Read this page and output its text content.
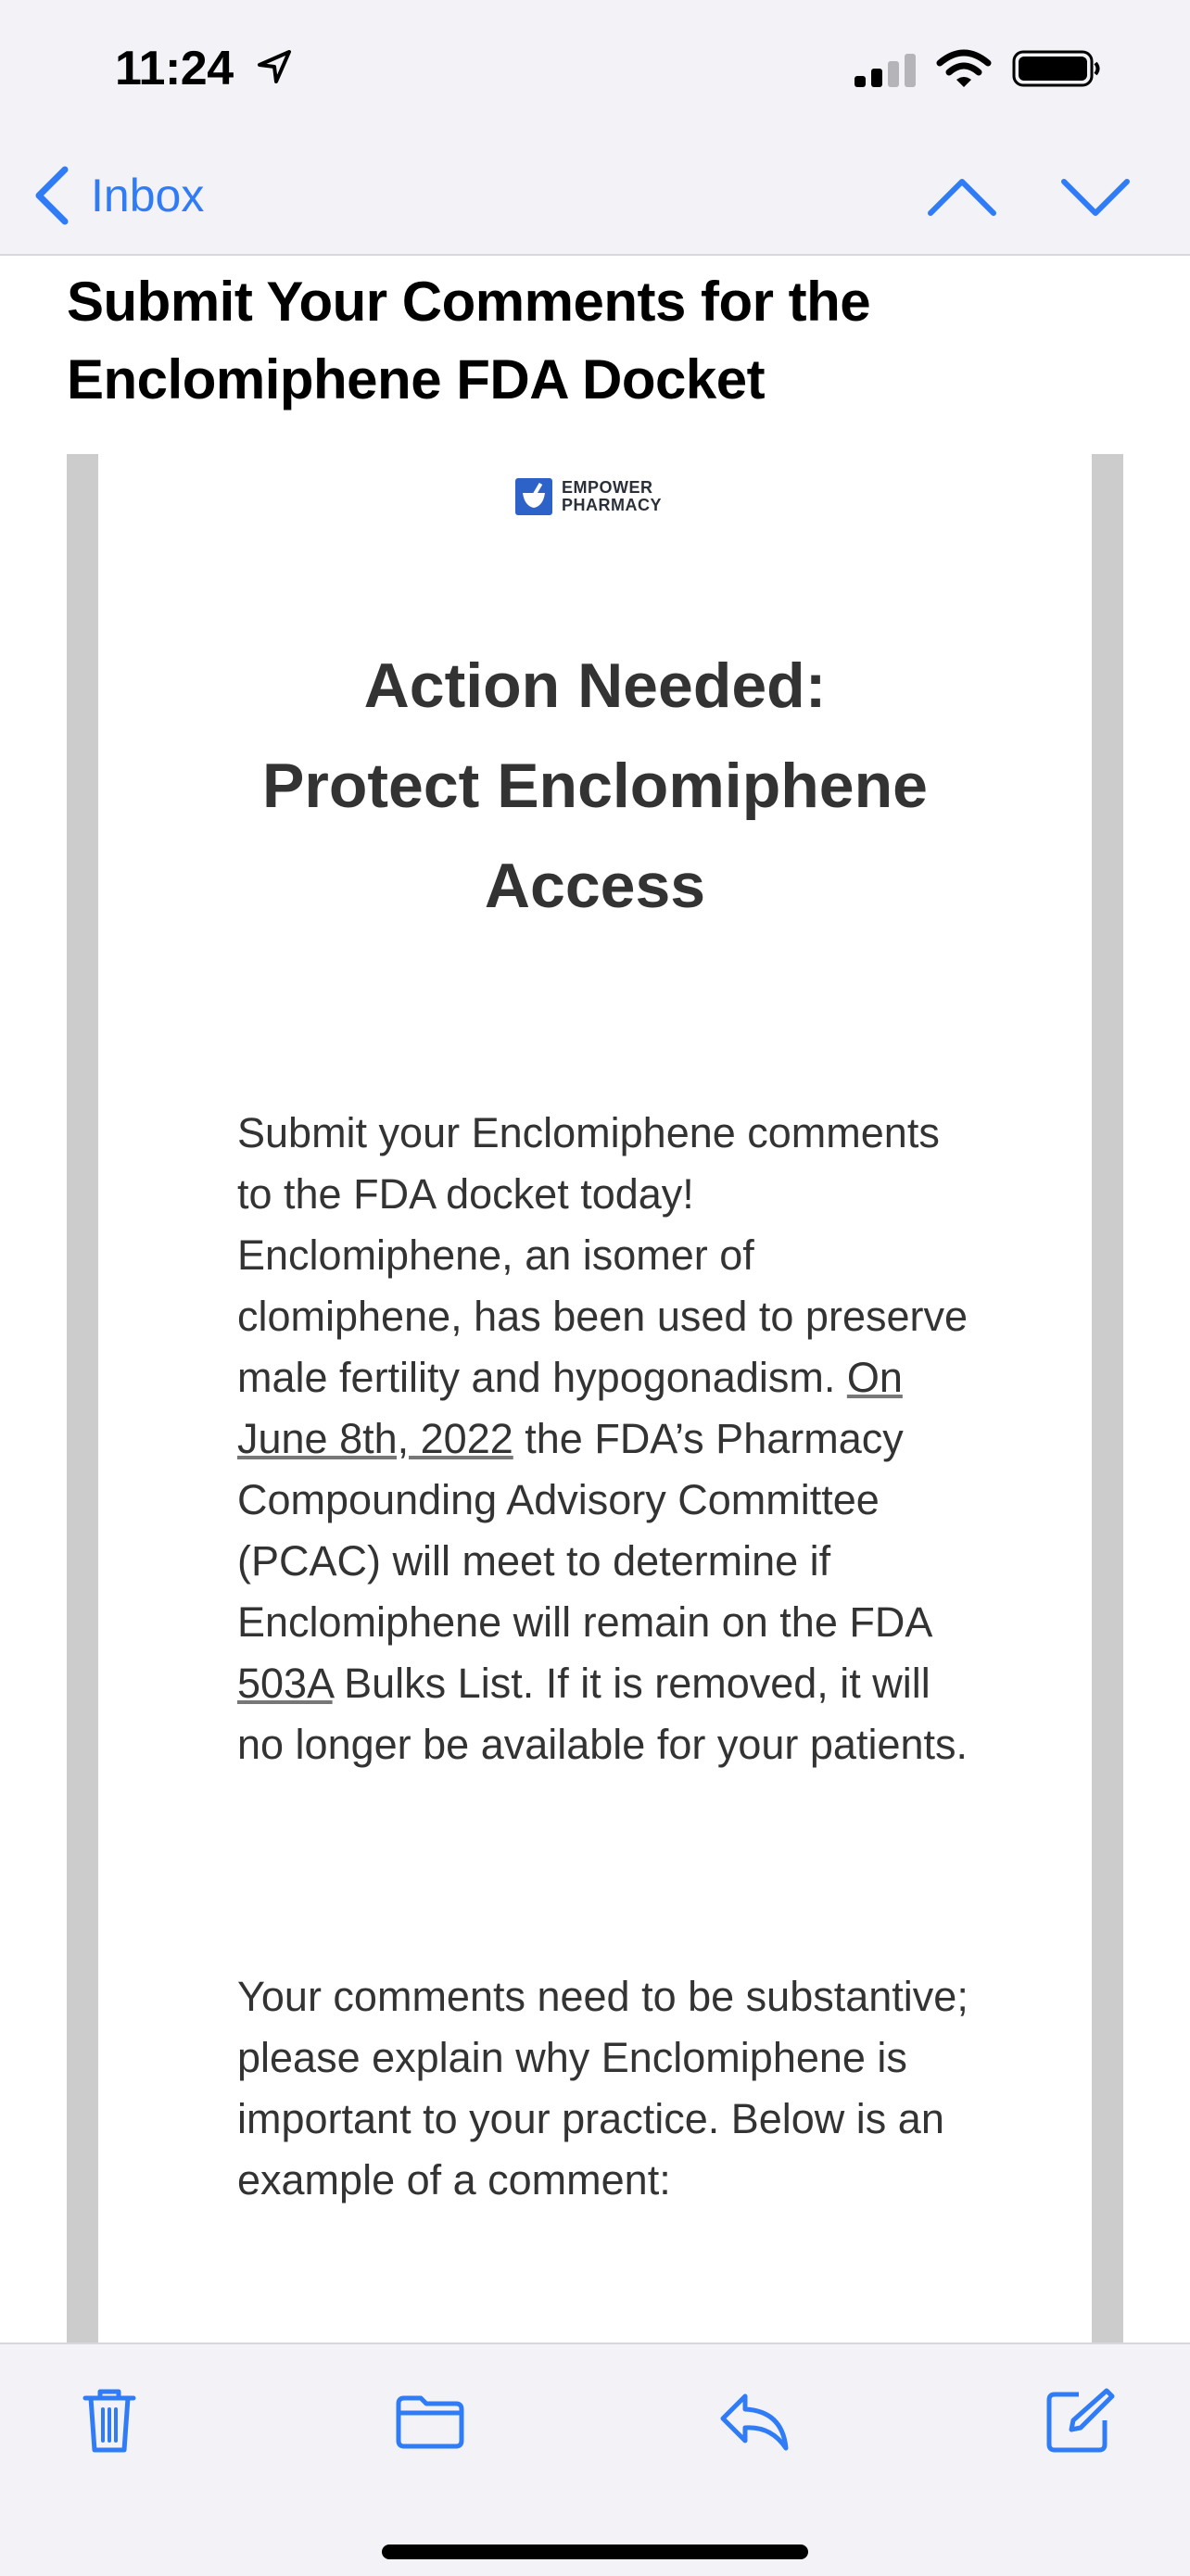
11:24
Inbox
Submit Your Comments for the Enclomiphene FDA Docket
EMPOWER
PHARMACY
Action Needed:
Protect Enclomiphene
Access
Submit your Enclomiphene comments to the FDA docket today! Enclomiphene, an isomer of clomiphene, has been used to preserve male fertility and hypogonadism. On June 8th, 2022 the FDA’s Pharmacy Compounding Advisory Committee (PCAC) will meet to determine if Enclomiphene will remain on the FDA 503A Bulks List. If it is removed, it will no longer be available for your patients.
Your comments need to be substantive; please explain why Enclomiphene is important to your practice. Below is an example of a comment:
